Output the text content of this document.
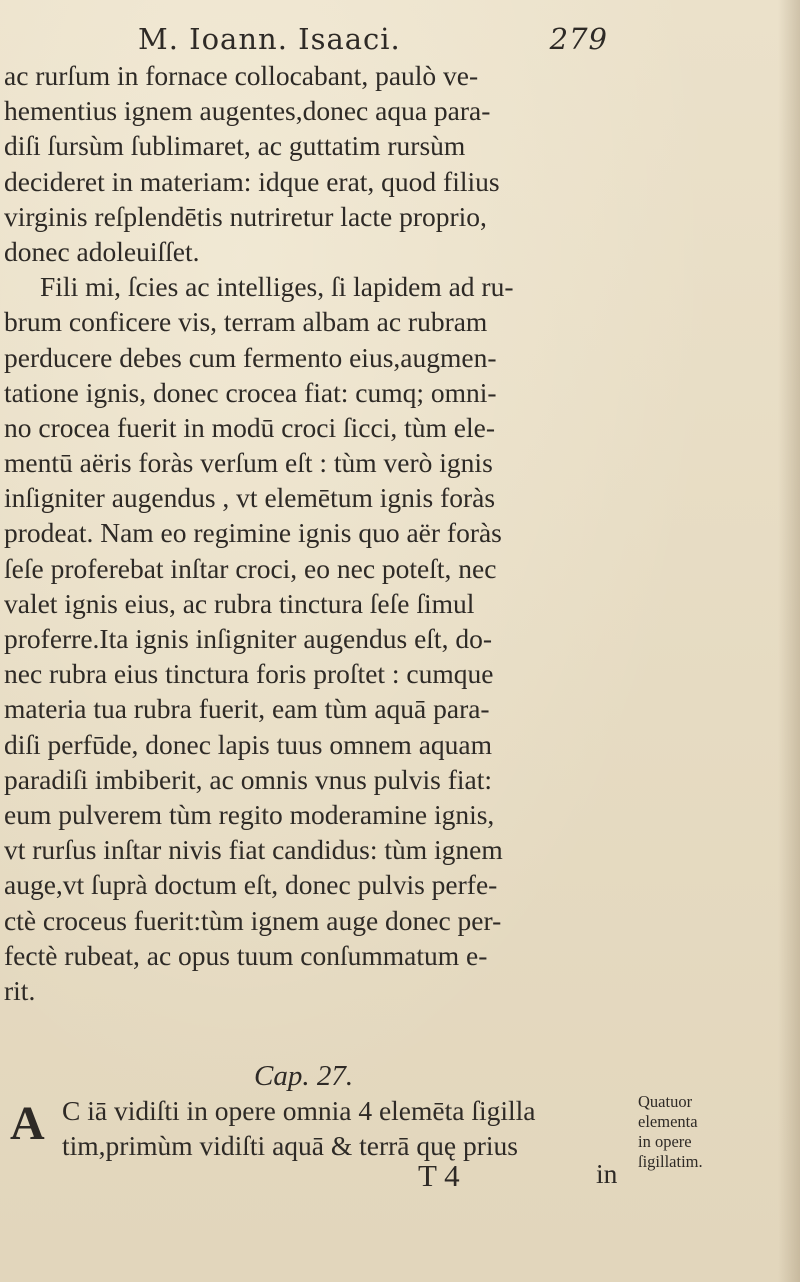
M. Ioann. Isaaci.	279
ac rurſum in fornace collocabant, paulò ve-
hementius ignem augentes,donec aqua para-
diſi ſursùm ſublimaret, ac guttatim rursùm
decideret in materiam: idque erat, quod filius
virginis reſplendētis nutriretur lacte proprio,
donec adoleuiſſet.
Fili mi, ſcies ac intelliges, ſi lapidem ad ru-
brum conficere vis, terram albam ac rubram
perducere debes cum fermento eius,augmen-
tatione ignis, donec crocea fiat: cumq; omni-
no crocea fuerit in modū croci ſicci, tùm ele-
mentū aëris foràs verſum eſt : tùm verò ignis
inſigniter augendus , vt elemētum ignis foràs
prodeat. Nam eo regimine ignis quo aër foràs
ſeſe proferebat inſtar croci, eo nec poteſt, nec
valet ignis eius, ac rubra tinctura ſeſe ſimul
proferre.Ita ignis inſigniter augendus eſt, do-
nec rubra eius tinctura foris proſtet : cumque
materia tua rubra fuerit, eam tùm aquā para-
diſi perfūde, donec lapis tuus omnem aquam
paradiſi imbiberit, ac omnis vnus pulvis fiat:
eum pulverem tùm regito moderamine ignis,
vt rurſus inſtar nivis fiat candidus: tùm ignem
auge,vt ſuprà doctum eſt, donec pulvis perfe-
ctè croceus fuerit:tùm ignem auge donec per-
fectè rubeat, ac opus tuum conſummatum e-
rit.
Cap. 27.
A C iā vidiſti in opere omnia 4 elemēta ſigilla
tim,primùm vidiſti aquā & terrā quę prius
T 4	in
Quatuor
elementa
in opere
ſigillatim.
